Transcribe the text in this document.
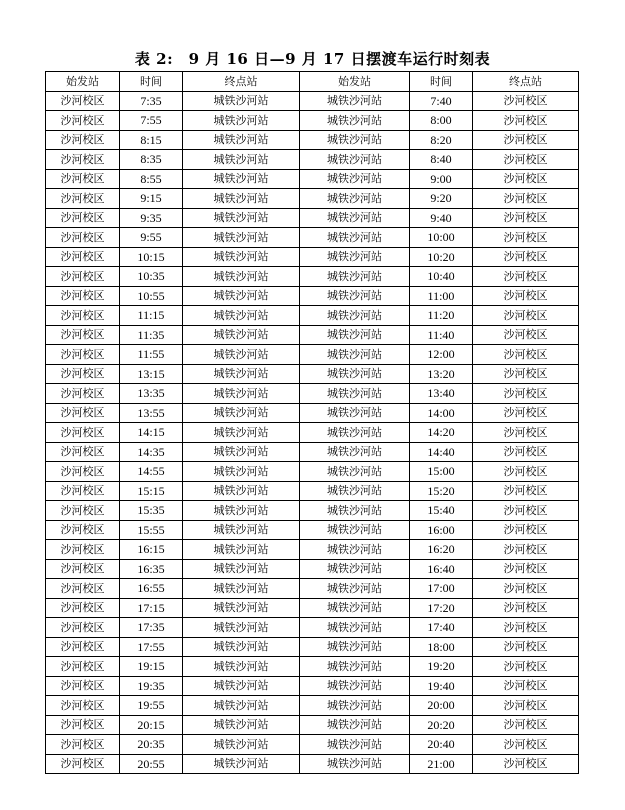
表 2:　9 月 16 日—9 月 17 日摆渡车运行时刻表
始发站	时间	终点站	始发站	时间	终点站
沙河校区	7:35	城铁沙河站	城铁沙河站	7:40	沙河校区
沙河校区	7:55	城铁沙河站	城铁沙河站	8:00	沙河校区
沙河校区	8:15	城铁沙河站	城铁沙河站	8:20	沙河校区
沙河校区	8:35	城铁沙河站	城铁沙河站	8:40	沙河校区
沙河校区	8:55	城铁沙河站	城铁沙河站	9:00	沙河校区
沙河校区	9:15	城铁沙河站	城铁沙河站	9:20	沙河校区
沙河校区	9:35	城铁沙河站	城铁沙河站	9:40	沙河校区
沙河校区	9:55	城铁沙河站	城铁沙河站	10:00	沙河校区
沙河校区	10:15	城铁沙河站	城铁沙河站	10:20	沙河校区
沙河校区	10:35	城铁沙河站	城铁沙河站	10:40	沙河校区
沙河校区	10:55	城铁沙河站	城铁沙河站	11:00	沙河校区
沙河校区	11:15	城铁沙河站	城铁沙河站	11:20	沙河校区
沙河校区	11:35	城铁沙河站	城铁沙河站	11:40	沙河校区
沙河校区	11:55	城铁沙河站	城铁沙河站	12:00	沙河校区
沙河校区	13:15	城铁沙河站	城铁沙河站	13:20	沙河校区
沙河校区	13:35	城铁沙河站	城铁沙河站	13:40	沙河校区
沙河校区	13:55	城铁沙河站	城铁沙河站	14:00	沙河校区
沙河校区	14:15	城铁沙河站	城铁沙河站	14:20	沙河校区
沙河校区	14:35	城铁沙河站	城铁沙河站	14:40	沙河校区
沙河校区	14:55	城铁沙河站	城铁沙河站	15:00	沙河校区
沙河校区	15:15	城铁沙河站	城铁沙河站	15:20	沙河校区
沙河校区	15:35	城铁沙河站	城铁沙河站	15:40	沙河校区
沙河校区	15:55	城铁沙河站	城铁沙河站	16:00	沙河校区
沙河校区	16:15	城铁沙河站	城铁沙河站	16:20	沙河校区
沙河校区	16:35	城铁沙河站	城铁沙河站	16:40	沙河校区
沙河校区	16:55	城铁沙河站	城铁沙河站	17:00	沙河校区
沙河校区	17:15	城铁沙河站	城铁沙河站	17:20	沙河校区
沙河校区	17:35	城铁沙河站	城铁沙河站	17:40	沙河校区
沙河校区	17:55	城铁沙河站	城铁沙河站	18:00	沙河校区
沙河校区	19:15	城铁沙河站	城铁沙河站	19:20	沙河校区
沙河校区	19:35	城铁沙河站	城铁沙河站	19:40	沙河校区
沙河校区	19:55	城铁沙河站	城铁沙河站	20:00	沙河校区
沙河校区	20:15	城铁沙河站	城铁沙河站	20:20	沙河校区
沙河校区	20:35	城铁沙河站	城铁沙河站	20:40	沙河校区
沙河校区	20:55	城铁沙河站	城铁沙河站	21:00	沙河校区
